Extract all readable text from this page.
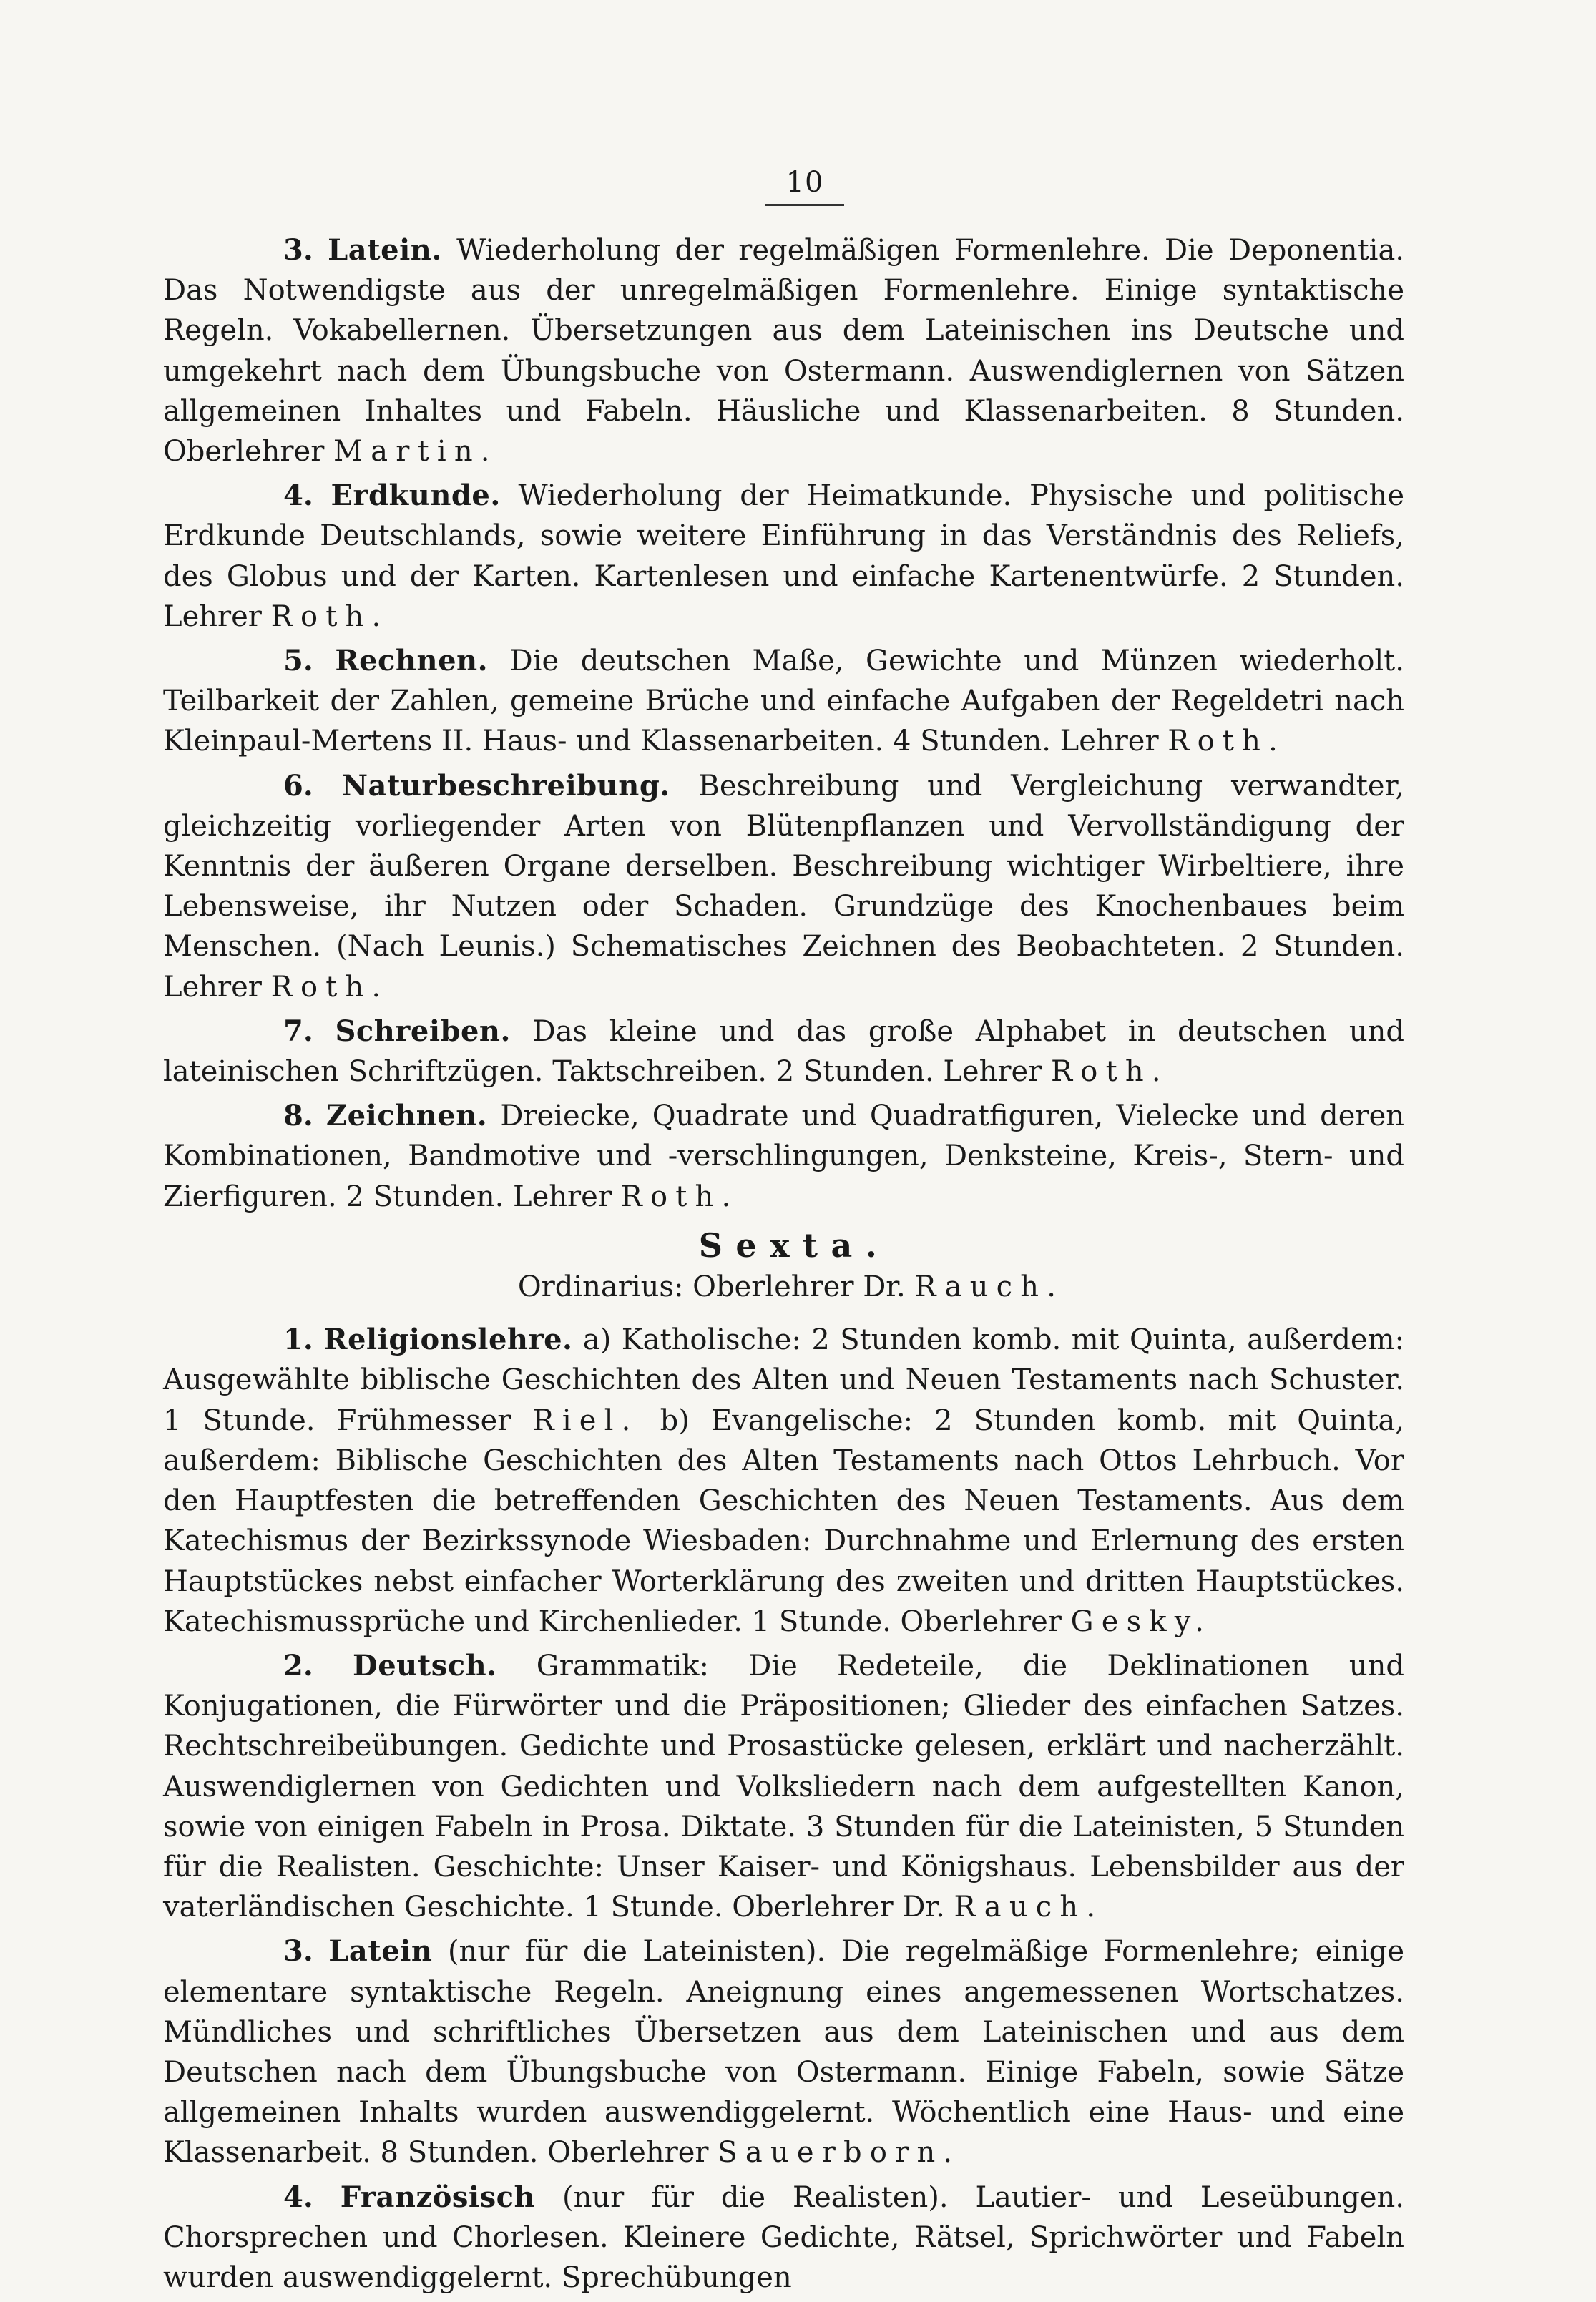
10

3. Latein. Wiederholung der regelmäßigen Formenlehre. Die Deponentia. Das Notwendigste aus der unregelmäßigen Formenlehre. Einige syntaktische Regeln. Vokabellernen. Übersetzungen aus dem Lateinischen ins Deutsche und umgekehrt nach dem Übungsbuche von Ostermann. Auswendiglernen von Sätzen allgemeinen Inhaltes und Fabeln. Häusliche und Klassenarbeiten. 8 Stunden. Oberlehrer Martin.

4. Erdkunde. Wiederholung der Heimatkunde. Physische und politische Erdkunde Deutschlands, sowie weitere Einführung in das Verständnis des Reliefs, des Globus und der Karten. Kartenlesen und einfache Kartenentwürfe. 2 Stunden. Lehrer Roth.

5. Rechnen. Die deutschen Maße, Gewichte und Münzen wiederholt. Teilbarkeit der Zahlen, gemeine Brüche und einfache Aufgaben der Regeldetri nach Kleinpaul-Mertens II. Haus- und Klassenarbeiten. 4 Stunden. Lehrer Roth.

6. Naturbeschreibung. Beschreibung und Vergleichung verwandter, gleichzeitig vorliegender Arten von Blütenpflanzen und Vervollständigung der Kenntnis der äußeren Organe derselben. Beschreibung wichtiger Wirbeltiere, ihre Lebensweise, ihr Nutzen oder Schaden. Grundzüge des Knochenbaues beim Menschen. (Nach Leunis.) Schematisches Zeichnen des Beobachteten. 2 Stunden. Lehrer Roth.

7. Schreiben. Das kleine und das große Alphabet in deutschen und lateinischen Schriftzügen. Taktschreiben. 2 Stunden. Lehrer Roth.

8. Zeichnen. Dreiecke, Quadrate und Quadratfiguren, Vielecke und deren Kombinationen, Bandmotive und -verschlingungen, Denksteine, Kreis-, Stern- und Zierfiguren. 2 Stunden. Lehrer Roth.

Sexta.
Ordinarius: Oberlehrer Dr. Rauch.

1. Religionslehre. a) Katholische: 2 Stunden komb. mit Quinta, außerdem: Ausgewählte biblische Geschichten des Alten und Neuen Testaments nach Schuster. 1 Stunde. Frühmesser Riel. b) Evangelische: 2 Stunden komb. mit Quinta, außerdem: Biblische Geschichten des Alten Testaments nach Ottos Lehrbuch. Vor den Hauptfesten die betreffenden Geschichten des Neuen Testaments. Aus dem Katechismus der Bezirkssynode Wiesbaden: Durchnahme und Erlernung des ersten Hauptstückes nebst einfacher Worterklärung des zweiten und dritten Hauptstückes. Katechismussprüche und Kirchenlieder. 1 Stunde. Oberlehrer Gesky.

2. Deutsch. Grammatik: Die Redeteile, die Deklinationen und Konjugationen, die Fürwörter und die Präpositionen; Glieder des einfachen Satzes. Rechtschreibeübungen. Gedichte und Prosastücke gelesen, erklärt und nacherzählt. Auswendiglernen von Gedichten und Volksliedern nach dem aufgestellten Kanon, sowie von einigen Fabeln in Prosa. Diktate. 3 Stunden für die Lateinisten, 5 Stunden für die Realisten. Geschichte: Unser Kaiser- und Königshaus. Lebensbilder aus der vaterländischen Geschichte. 1 Stunde. Oberlehrer Dr. Rauch.

3. Latein (nur für die Lateinisten). Die regelmäßige Formenlehre; einige elementare syntaktische Regeln. Aneignung eines angemessenen Wortschatzes. Mündliches und schriftliches Übersetzen aus dem Lateinischen und aus dem Deutschen nach dem Übungsbuche von Ostermann. Einige Fabeln, sowie Sätze allgemeinen Inhalts wurden auswendiggelernt. Wöchentlich eine Haus- und eine Klassenarbeit. 8 Stunden. Oberlehrer Sauerborn.

4. Französisch (nur für die Realisten). Lautier- und Leseübungen. Chorsprechen und Chorlesen. Kleinere Gedichte, Rätsel, Sprichwörter und Fabeln wurden auswendiggelernt. Sprechübungen
